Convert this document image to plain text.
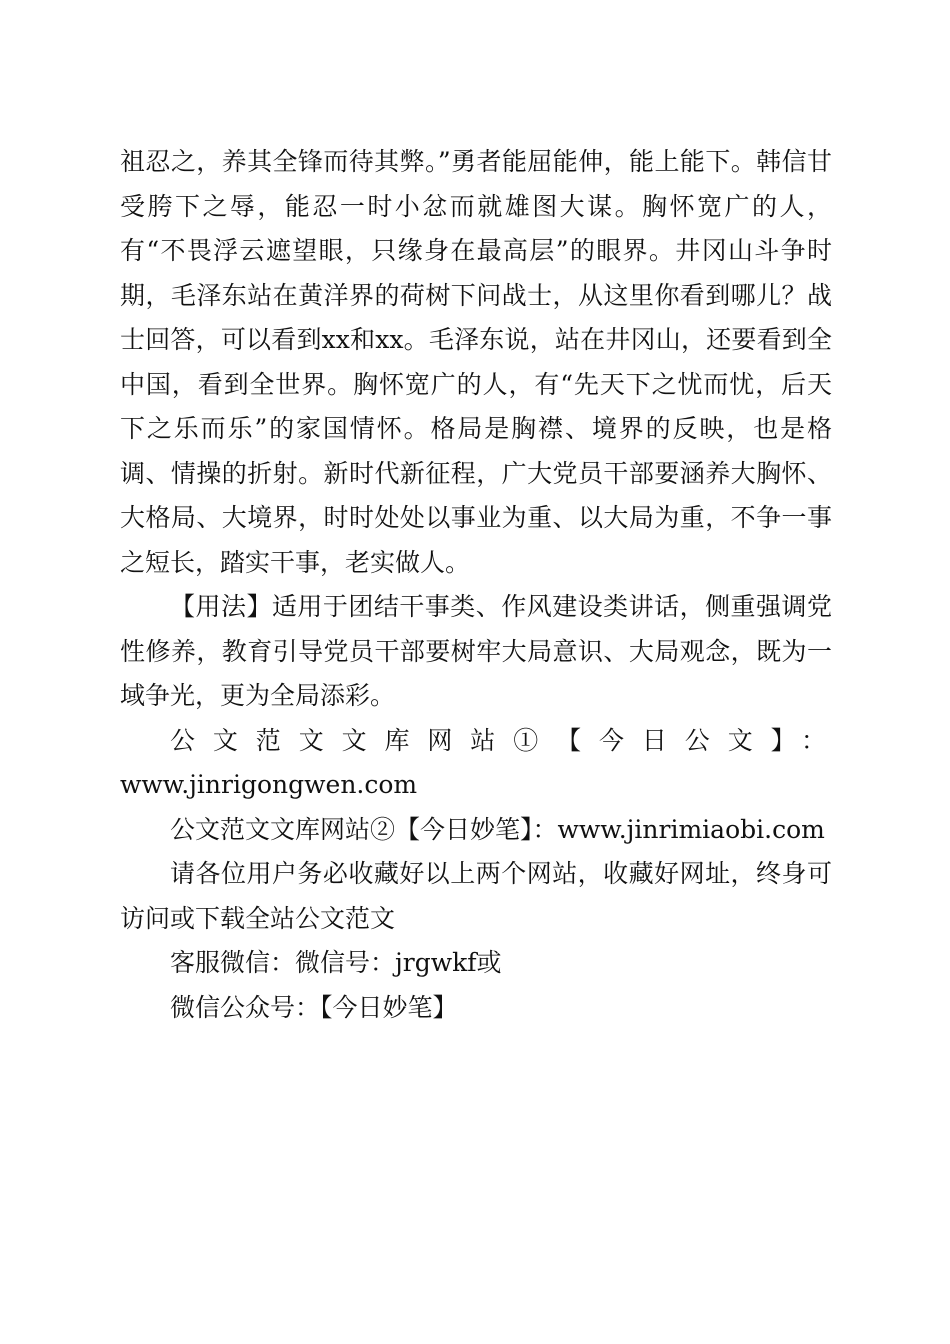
祖忍之，养其全锋而待其弊。”勇者能屈能伸，能上能下。韩信甘受胯下之辱，能忍一时小忿而就雄图大谋。胸怀宽广的人，有“不畏浮云遮望眼，只缘身在最高层”的眼界。井冈山斗争时期，毛泽东站在黄洋界的荷树下问战士，从这里你看到哪儿？战士回答，可以看到xx和xx。毛泽东说，站在井冈山，还要看到全中国，看到全世界。胸怀宽广的人，有“先天下之忧而忧，后天下之乐而乐”的家国情怀。格局是胸襟、境界的反映，也是格调、情操的折射。新时代新征程，广大党员干部要涵养大胸怀、大格局、大境界，时时处处以事业为重、以大局为重，不争一事之短长，踏实干事，老实做人。

【用法】适用于团结干事类、作风建设类讲话，侧重强调党性修养，教育引导党员干部要树牢大局意识、大局观念，既为一域争光，更为全局添彩。

公文范文文库网站①【今日公文】：www.jinrigongwen.com

公文范文文库网站②【今日妙笔】：www.jinrimiaobi.com

请各位用户务必收藏好以上两个网站，收藏好网址，终身可访问或下载全站公文范文

客服微信：微信号：jrgwkf或

微信公众号：【今日妙笔】
